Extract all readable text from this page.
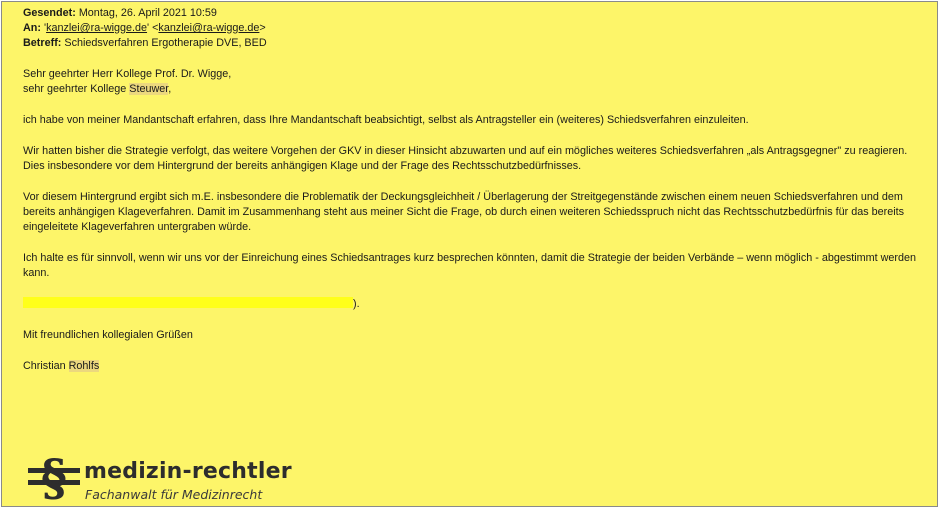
Gesendet: Montag, 26. April 2021 10:59
An: 'kanzlei@ra-wigge.de' <kanzlei@ra-wigge.de>
Betreff: Schiedsverfahren Ergotherapie DVE, BED
Sehr geehrter Herr Kollege Prof. Dr. Wigge,
sehr geehrter Kollege Steuwer,
ich habe von meiner Mandantschaft erfahren, dass Ihre Mandantschaft beabsichtigt, selbst als Antragsteller ein (weiteres) Schiedsverfahren einzuleiten.
Wir hatten bisher die Strategie verfolgt, das weitere Vorgehen der GKV in dieser Hinsicht abzuwarten und auf ein mögliches weiteres Schiedsverfahren „als Antragsgegner" zu reagieren. Dies insbesondere vor dem Hintergrund der bereits anhängigen Klage und der Frage des Rechtsschutzbedürfnisses.
Vor diesem Hintergrund ergibt sich m.E. insbesondere die Problematik der Deckungsgleichheit / Überlagerung der Streitgegenstände zwischen einem neuen Schiedsverfahren und dem bereits anhängigen Klageverfahren. Damit im Zusammenhang steht aus meiner Sicht die Frage, ob durch einen weiteren Schiedsspruch nicht das Rechtsschutzbedürfnis für das bereits eingeleitete Klageverfahren untergraben würde.
Ich halte es für sinnvoll, wenn wir uns vor der Einreichung eines Schiedsantrages kurz besprechen könnten, damit die Strategie der beiden Verbände – wenn möglich - abgestimmt werden kann.
).
Mit freundlichen kollegialen Grüßen
Christian Rohlfs
§ medizin-rechtler
Fachanwalt für Medizinrecht
